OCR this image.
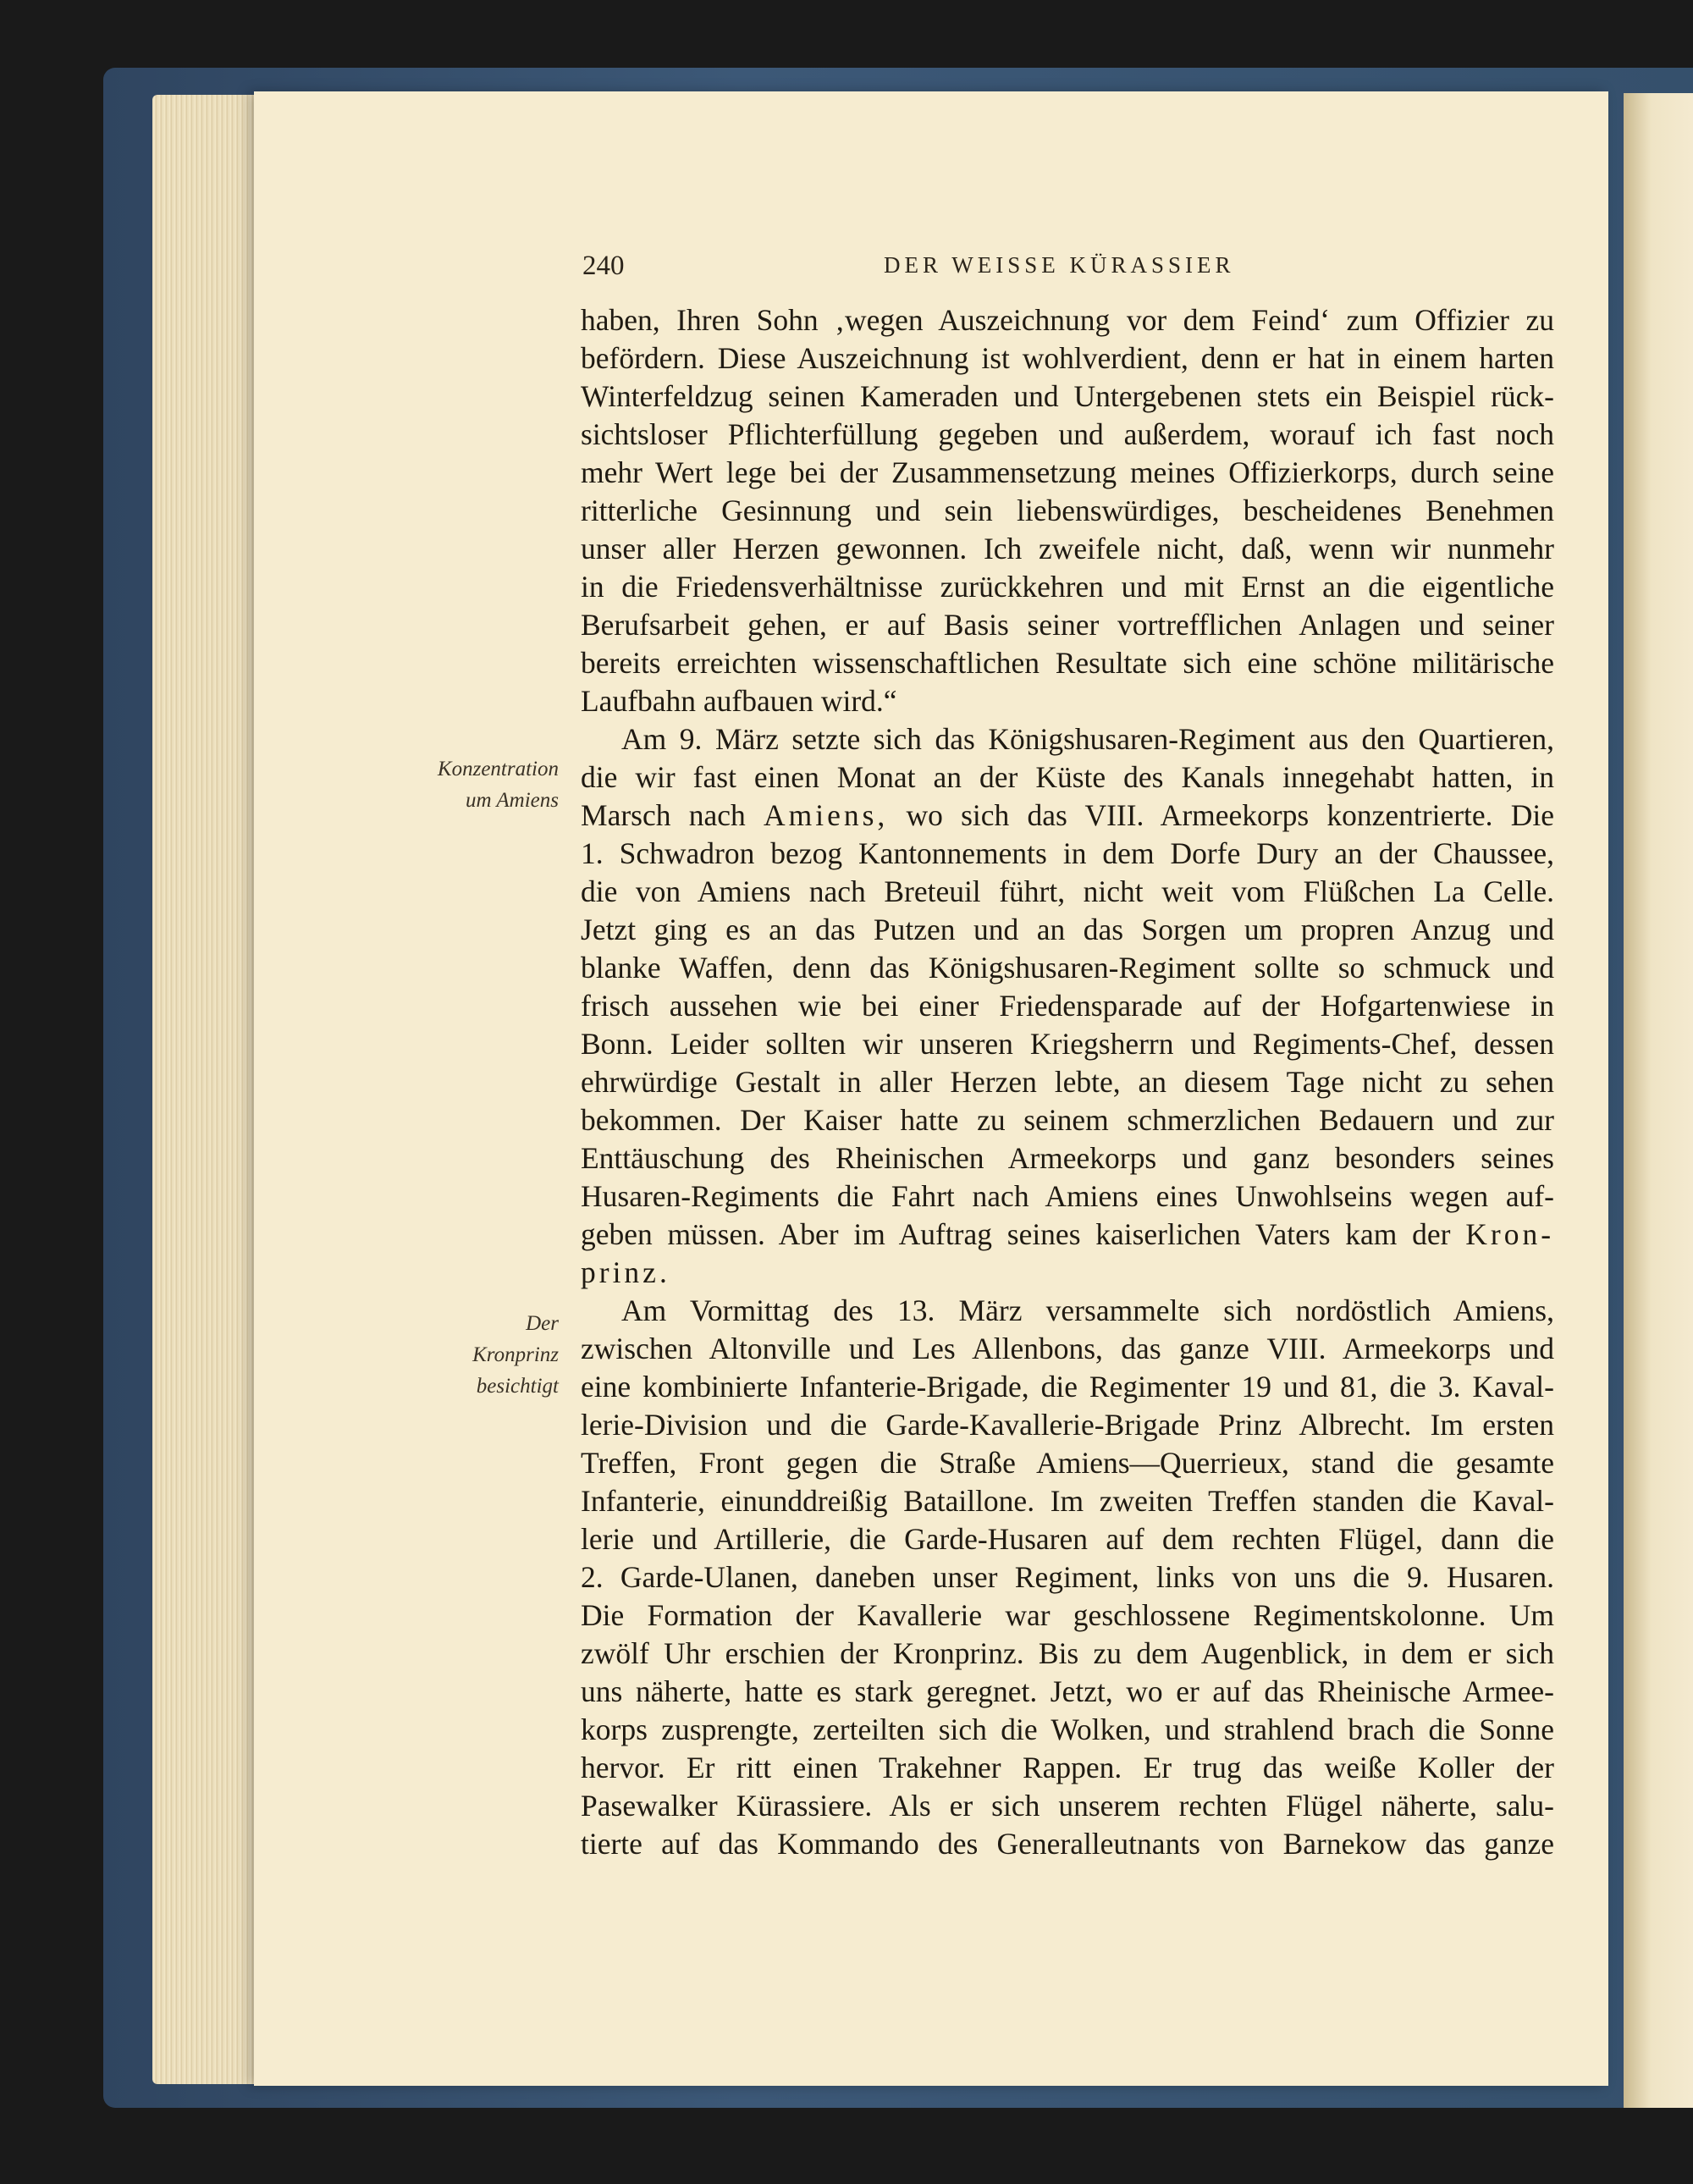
240	DER WEISSE KÜRASSIER
Konzentration
um Amiens
Der
Kronprinz
besichtigt
haben, Ihren Sohn ‚wegen Auszeichnung vor dem Feind‘ zum Offizier zu
befördern. Diese Auszeichnung ist wohlverdient, denn er hat in einem harten
Winterfeldzug seinen Kameraden und Untergebenen stets ein Beispiel rück-
sichtsloser Pflichterfüllung gegeben und außerdem, worauf ich fast noch
mehr Wert lege bei der Zusammensetzung meines Offizierkorps, durch seine
ritterliche Gesinnung und sein liebenswürdiges, bescheidenes Benehmen
unser aller Herzen gewonnen. Ich zweifele nicht, daß, wenn wir nunmehr
in die Friedensverhältnisse zurückkehren und mit Ernst an die eigentliche
Berufsarbeit gehen, er auf Basis seiner vortrefflichen Anlagen und seiner
bereits erreichten wissenschaftlichen Resultate sich eine schöne militärische
Laufbahn aufbauen wird.“
Am 9. März setzte sich das Königshusaren-Regiment aus den Quartieren,
die wir fast einen Monat an der Küste des Kanals innegehabt hatten, in
Marsch nach Amiens, wo sich das VIII. Armeekorps konzentrierte. Die
1. Schwadron bezog Kantonnements in dem Dorfe Dury an der Chaussee,
die von Amiens nach Breteuil führt, nicht weit vom Flüßchen La Celle.
Jetzt ging es an das Putzen und an das Sorgen um propren Anzug und
blanke Waffen, denn das Königshusaren-Regiment sollte so schmuck und
frisch aussehen wie bei einer Friedensparade auf der Hofgartenwiese in
Bonn. Leider sollten wir unseren Kriegsherrn und Regiments-Chef, dessen
ehrwürdige Gestalt in aller Herzen lebte, an diesem Tage nicht zu sehen
bekommen. Der Kaiser hatte zu seinem schmerzlichen Bedauern und zur
Enttäuschung des Rheinischen Armeekorps und ganz besonders seines
Husaren-Regiments die Fahrt nach Amiens eines Unwohlseins wegen auf-
geben müssen. Aber im Auftrag seines kaiserlichen Vaters kam der Kron-
prinz.
Am Vormittag des 13. März versammelte sich nordöstlich Amiens,
zwischen Altonville und Les Allenbons, das ganze VIII. Armeekorps und
eine kombinierte Infanterie-Brigade, die Regimenter 19 und 81, die 3. Kaval-
lerie-Division und die Garde-Kavallerie-Brigade Prinz Albrecht. Im ersten
Treffen, Front gegen die Straße Amiens—Querrieux, stand die gesamte
Infanterie, einunddreißig Bataillone. Im zweiten Treffen standen die Kaval-
lerie und Artillerie, die Garde-Husaren auf dem rechten Flügel, dann die
2. Garde-Ulanen, daneben unser Regiment, links von uns die 9. Husaren.
Die Formation der Kavallerie war geschlossene Regimentskolonne. Um
zwölf Uhr erschien der Kronprinz. Bis zu dem Augenblick, in dem er sich
uns näherte, hatte es stark geregnet. Jetzt, wo er auf das Rheinische Armee-
korps zusprengte, zerteilten sich die Wolken, und strahlend brach die Sonne
hervor. Er ritt einen Trakehner Rappen. Er trug das weiße Koller der
Pasewalker Kürassiere. Als er sich unserem rechten Flügel näherte, salu-
tierte auf das Kommando des Generalleutnants von Barnekow das ganze
